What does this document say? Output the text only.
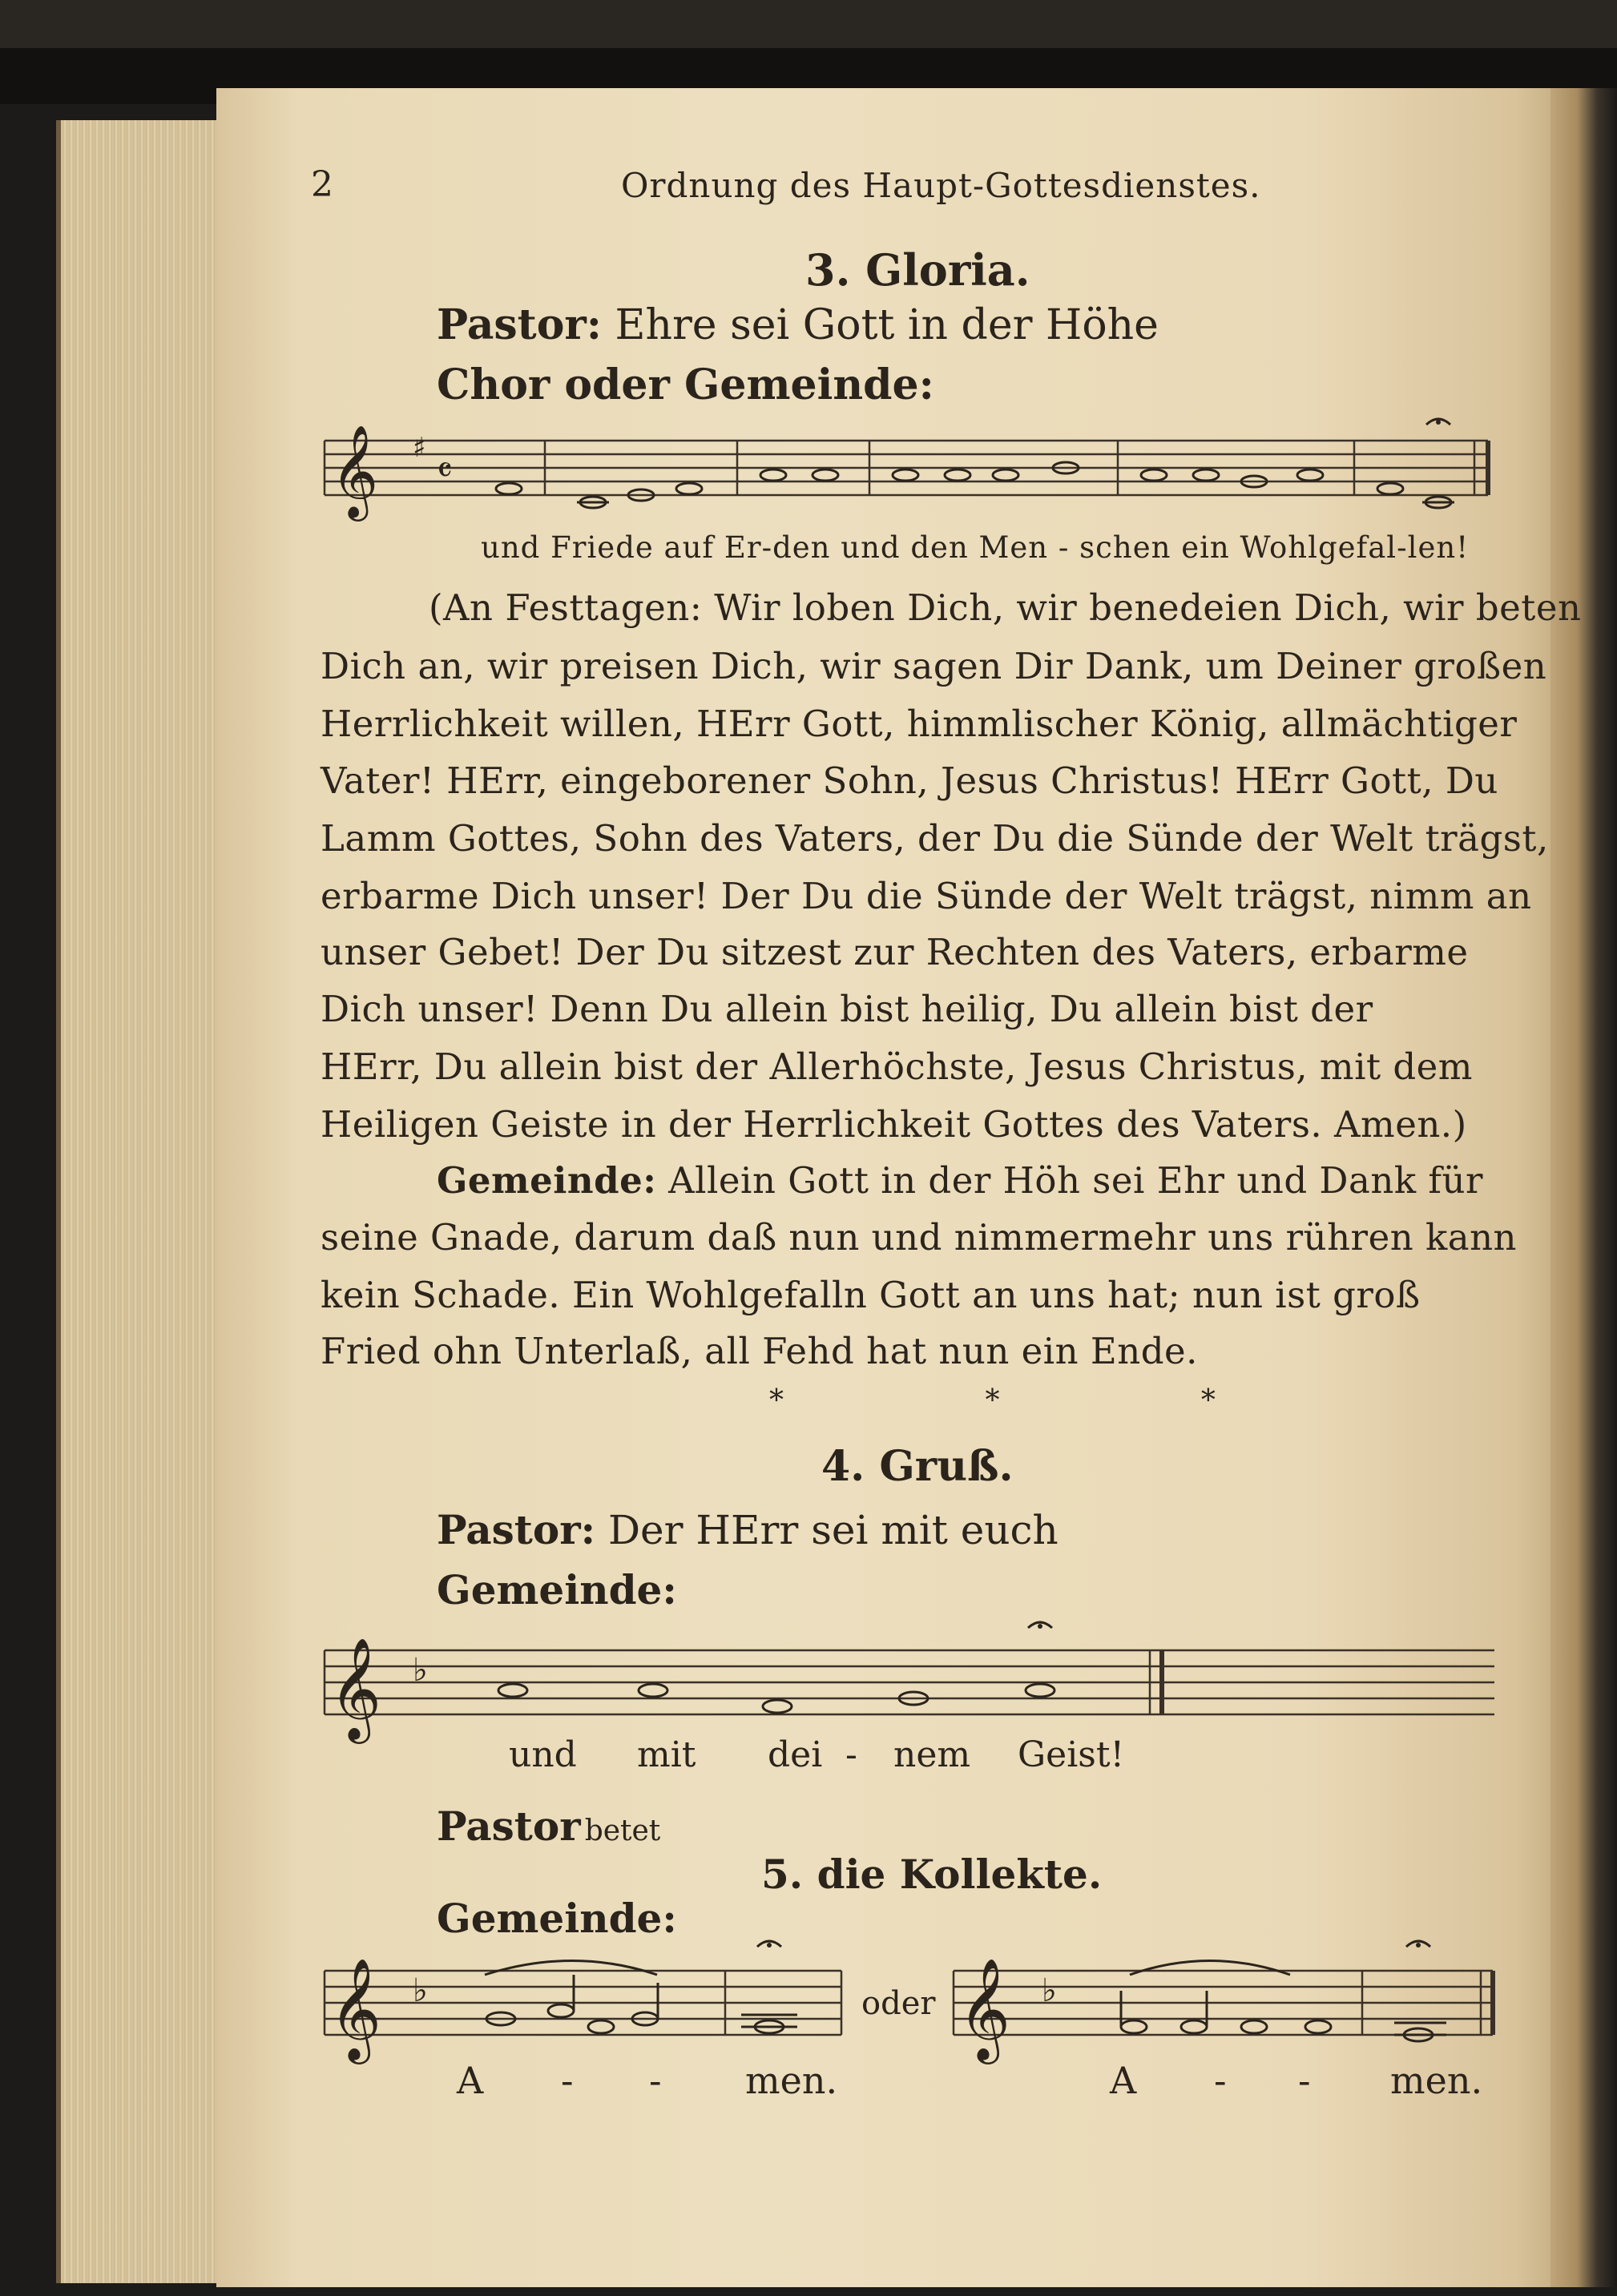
2	Ordnung des Haupt-Gottesdienstes.
3. Gloria.
Pastor: Ehre sei Gott in der Höhe
Chor oder Gemeinde:
𝄞 ♯
𝄴
und Friede auf Er-den und den Men - schen ein Wohlgefal-len!
(An Festtagen: Wir loben Dich, wir benedeien Dich, wir beten
Dich an, wir preisen Dich, wir sagen Dir Dank, um Deiner großen
Herrlichkeit willen, HErr Gott, himmlischer König, allmächtiger
Vater! HErr, eingeborener Sohn, Jesus Christus! HErr Gott, Du
Lamm Gottes, Sohn des Vaters, der Du die Sünde der Welt trägst,
erbarme Dich unser! Der Du die Sünde der Welt trägst, nimm an
unser Gebet! Der Du sitzest zur Rechten des Vaters, erbarme
Dich unser! Denn Du allein bist heilig, Du allein bist der
HErr, Du allein bist der Allerhöchste, Jesus Christus, mit dem
Heiligen Geiste in der Herrlichkeit Gottes des Vaters. Amen.)
Gemeinde: Allein Gott in der Höh sei Ehr und Dank für
seine Gnade, darum daß nun und nimmermehr uns rühren kann
kein Schade. Ein Wohlgefalln Gott an uns hat; nun ist groß
Fried ohn Unterlaß, all Fehd hat nun ein Ende.
* * *
4. Gruß.
Pastor: Der HErr sei mit euch
Gemeinde:
𝄞 ♭
und mit dei - nem Geist!
Pastor betet
5. die Kollekte.
Gemeinde:
𝄞 ♭
A - - men.
oder 𝄞 ♭
A - - men.
